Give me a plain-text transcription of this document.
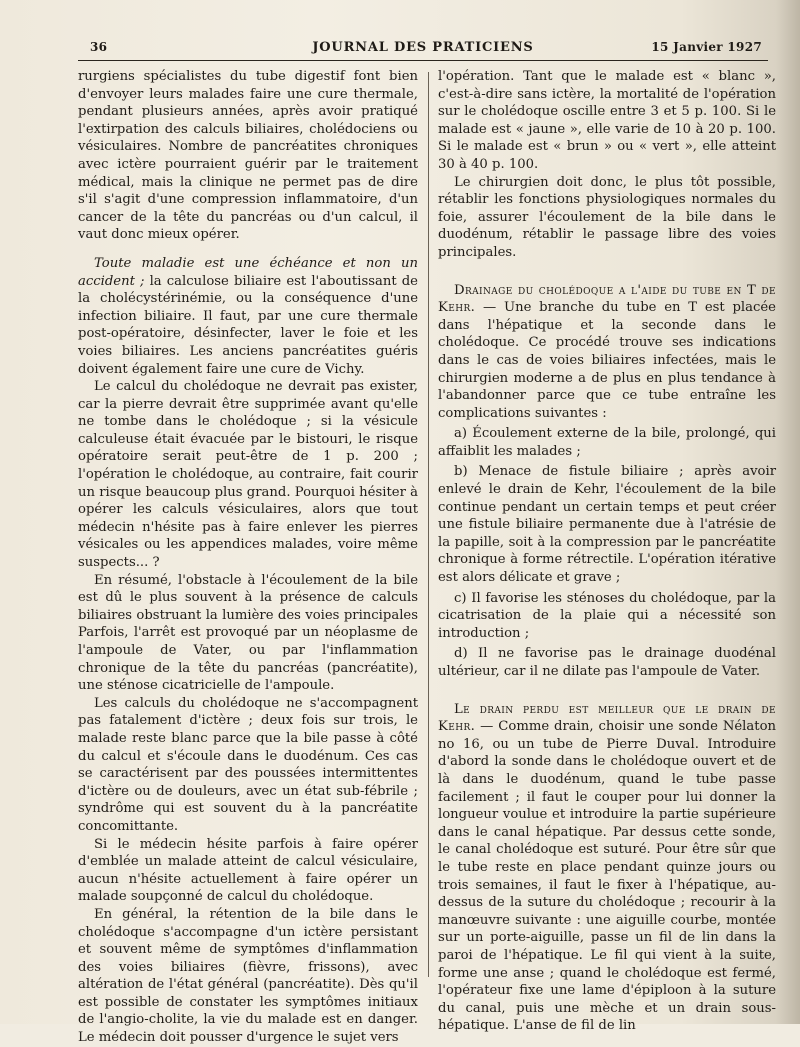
36	JOURNAL DES PRATICIENS	15 Janvier 1927

rurgiens spécialistes du tube digestif font bien d'envoyer leurs malades faire une cure thermale, pendant plusieurs années, après avoir pratiqué l'extirpation des calculs biliaires, cholédociens ou vésiculaires. Nombre de pancréatites chroniques avec ictère pourraient guérir par le traitement médical, mais la clinique ne permet pas de dire s'il s'agit d'une compression inflammatoire, d'un cancer de la tête du pancréas ou d'un calcul, il vaut donc mieux opérer.

Toute maladie est une échéance et non un accident ; la calculose biliaire est l'aboutissant de la cholécystérinémie, ou la conséquence d'une infection biliaire. Il faut, par une cure thermale post-opératoire, désinfecter, laver le foie et les voies biliaires. Les anciens pancréatites guéris doivent également faire une cure de Vichy.

Le calcul du cholédoque ne devrait pas exister, car la pierre devrait être supprimée avant qu'elle ne tombe dans le cholédoque ; si la vésicule calculeuse était évacuée par le bistouri, le risque opératoire serait peut-être de 1 p. 200 ; l'opération le cholédoque, au contraire, fait courir un risque beaucoup plus grand. Pourquoi hésiter à opérer les calculs vésiculaires, alors que tout médecin n'hésite pas à faire enlever les pierres vésicales ou les appendices malades, voire même suspects... ?

En résumé, l'obstacle à l'écoulement de la bile est dû le plus souvent à la présence de calculs biliaires obstruant la lumière des voies principales Parfois, l'arrêt est provoqué par un néoplasme de l'ampoule de Vater, ou par l'inflammation chronique de la tête du pancréas (pancréatite), une sténose cicatricielle de l'ampoule.

Les calculs du cholédoque ne s'accompagnent pas fatalement d'ictère ; deux fois sur trois, le malade reste blanc parce que la bile passe à côté du calcul et s'écoule dans le duodénum. Ces cas se caractérisent par des poussées intermittentes d'ictère ou de douleurs, avec un état sub-fébrile ; syndrôme qui est souvent du à la pancréatite concomittante.

Si le médecin hésite parfois à faire opérer d'emblée un malade atteint de calcul vésiculaire, aucun n'hésite actuellement à faire opérer un malade soupçonné de calcul du cholédoque.

En général, la rétention de la bile dans le cholédoque s'accompagne d'un ictère persistant et souvent même de symptômes d'inflammation des voies biliaires (fièvre, frissons), avec altération de l'état général (pancréatite). Dès qu'il est possible de constater les symptômes initiaux de l'angio-cholite, la vie du malade est en danger. Le médecin doit pousser d'urgence le sujet vers

l'opération. Tant que le malade est « blanc », c'est-à-dire sans ictère, la mortalité de l'opération sur le cholédoque oscille entre 3 et 5 p. 100. Si le malade est « jaune », elle varie de 10 à 20 p. 100. Si le malade est « brun » ou « vert », elle atteint 30 à 40 p. 100.

Le chirurgien doit donc, le plus tôt possible, rétablir les fonctions physiologiques normales du foie, assurer l'écoulement de la bile dans le duodénum, rétablir le passage libre des voies principales.

Drainage du cholédoque a l'aide du tube en T de Kehr. — Une branche du tube en T est placée dans l'hépatique et la seconde dans le cholédoque. Ce procédé trouve ses indications dans le cas de voies biliaires infectées, mais le chirurgien moderne a de plus en plus tendance à l'abandonner parce que ce tube entraîne les complications suivantes :

a) Écoulement externe de la bile, prolongé, qui affaiblit les malades ;

b) Menace de fistule biliaire ; après avoir enlevé le drain de Kehr, l'écoulement de la bile continue pendant un certain temps et peut créer une fistule biliaire permanente due à l'atrésie de la papille, soit à la compression par le pancréatite chronique à forme rétrectile. L'opération itérative est alors délicate et grave ;

c) Il favorise les sténoses du cholédoque, par la cicatrisation de la plaie qui a nécessité son introduction ;

d) Il ne favorise pas le drainage duodénal ultérieur, car il ne dilate pas l'ampoule de Vater.

Le drain perdu est meilleur que le drain de Kehr. — Comme drain, choisir une sonde Nélaton no 16, ou un tube de Pierre Duval. Introduire d'abord la sonde dans le cholédoque ouvert et de là dans le duodénum, quand le tube passe facilement ; il faut le couper pour lui donner la longueur voulue et introduire la partie supérieure dans le canal hépatique. Par dessus cette sonde, le canal cholédoque est suturé. Pour être sûr que le tube reste en place pendant quinze jours ou trois semaines, il faut le fixer à l'hépatique, au-dessus de la suture du cholédoque ; recourir à la manœuvre suivante : une aiguille courbe, montée sur un porte-aiguille, passe un fil de lin dans la paroi de l'hépatique. Le fil qui vient à la suite, forme une anse ; quand le cholédoque est fermé, l'opérateur fixe une lame d'épiploon à la suture du canal, puis une mèche et un drain sous-hépatique. L'anse de fil de lin
